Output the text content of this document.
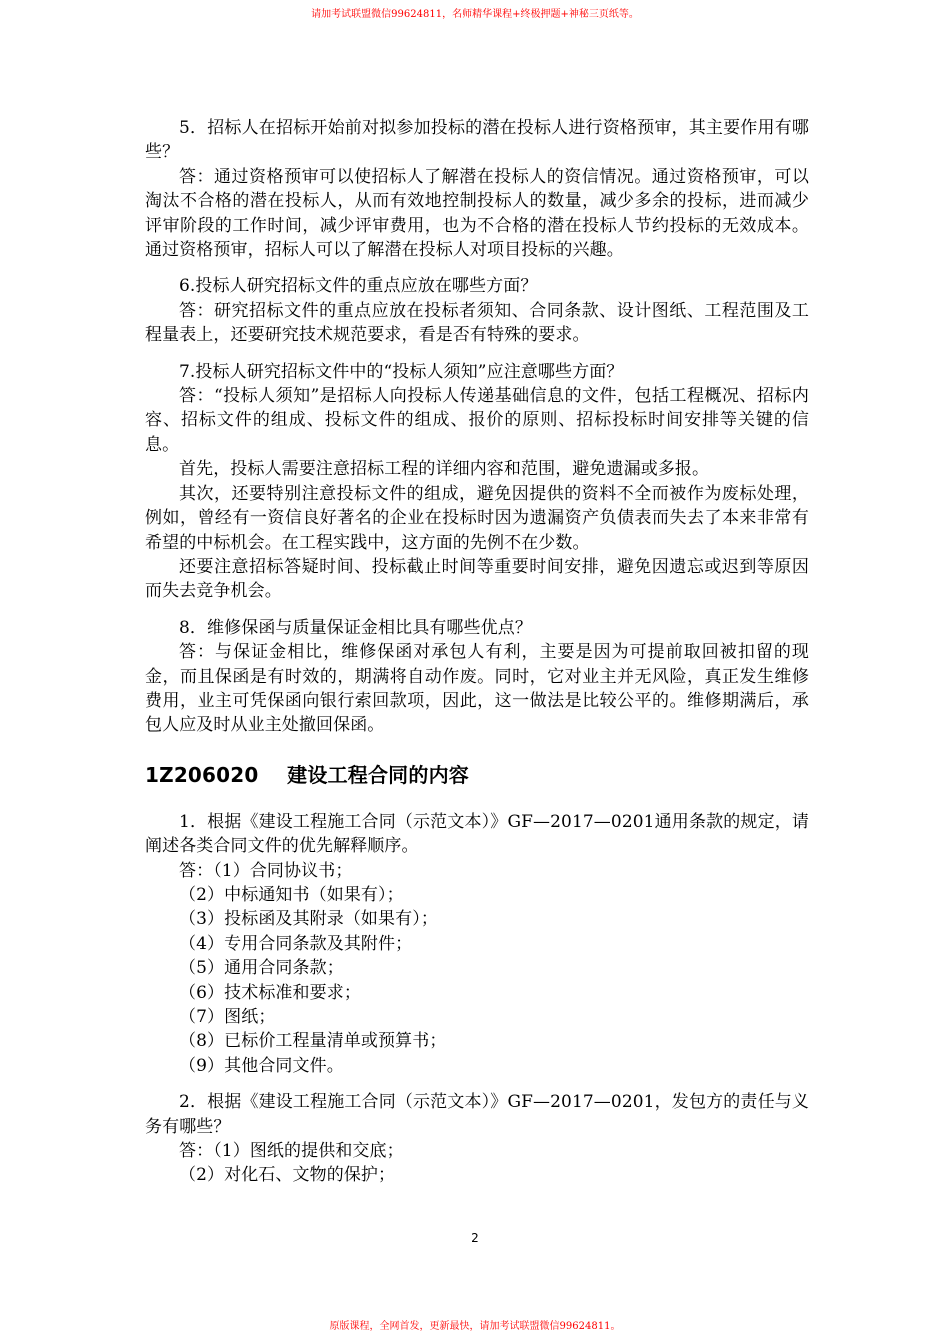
请加考试联盟微信99624811，名师精华课程+终极押题+神秘三页纸等。

5．招标人在招标开始前对拟参加投标的潜在投标人进行资格预审，其主要作用有哪些？

答：通过资格预审可以使招标人了解潜在投标人的资信情况。通过资格预审，可以淘汰不合格的潜在投标人，从而有效地控制投标人的数量，减少多余的投标，进而减少评审阶段的工作时间，减少评审费用，也为不合格的潜在投标人节约投标的无效成本。通过资格预审，招标人可以了解潜在投标人对项目投标的兴趣。

6.投标人研究招标文件的重点应放在哪些方面？

答：研究招标文件的重点应放在投标者须知、合同条款、设计图纸、工程范围及工程量表上，还要研究技术规范要求，看是否有特殊的要求。

7.投标人研究招标文件中的“投标人须知”应注意哪些方面？

答：“投标人须知”是招标人向投标人传递基础信息的文件，包括工程概况、招标内容、招标文件的组成、投标文件的组成、报价的原则、招标投标时间安排等关键的信息。

首先，投标人需要注意招标工程的详细内容和范围，避免遗漏或多报。

其次，还要特别注意投标文件的组成，避免因提供的资料不全而被作为废标处理，例如，曾经有一资信良好著名的企业在投标时因为遗漏资产负债表而失去了本来非常有希望的中标机会。在工程实践中，这方面的先例不在少数。

还要注意招标答疑时间、投标截止时间等重要时间安排，避免因遗忘或迟到等原因而失去竞争机会。

8．维修保函与质量保证金相比具有哪些优点？

答：与保证金相比，维修保函对承包人有利，主要是因为可提前取回被扣留的现金，而且保函是有时效的，期满将自动作废。同时，它对业主并无风险，真正发生维修费用，业主可凭保函向银行索回款项，因此，这一做法是比较公平的。维修期满后，承包人应及时从业主处撤回保函。

1Z206020 建设工程合同的内容

1．根据《建设工程施工合同（示范文本）》GF—2017—0201通用条款的规定，请阐述各类合同文件的优先解释顺序。

答：（1）合同协议书；

（2）中标通知书（如果有）；

（3）投标函及其附录（如果有）；

（4）专用合同条款及其附件；

（5）通用合同条款；

（6）技术标准和要求；

（7）图纸；

（8）已标价工程量清单或预算书；

（9）其他合同文件。

2．根据《建设工程施工合同（示范文本）》GF—2017—0201，发包方的责任与义务有哪些？

答：（1）图纸的提供和交底；

（2）对化石、文物的保护；

2
原版课程，全网首发，更新最快，请加考试联盟微信99624811。
